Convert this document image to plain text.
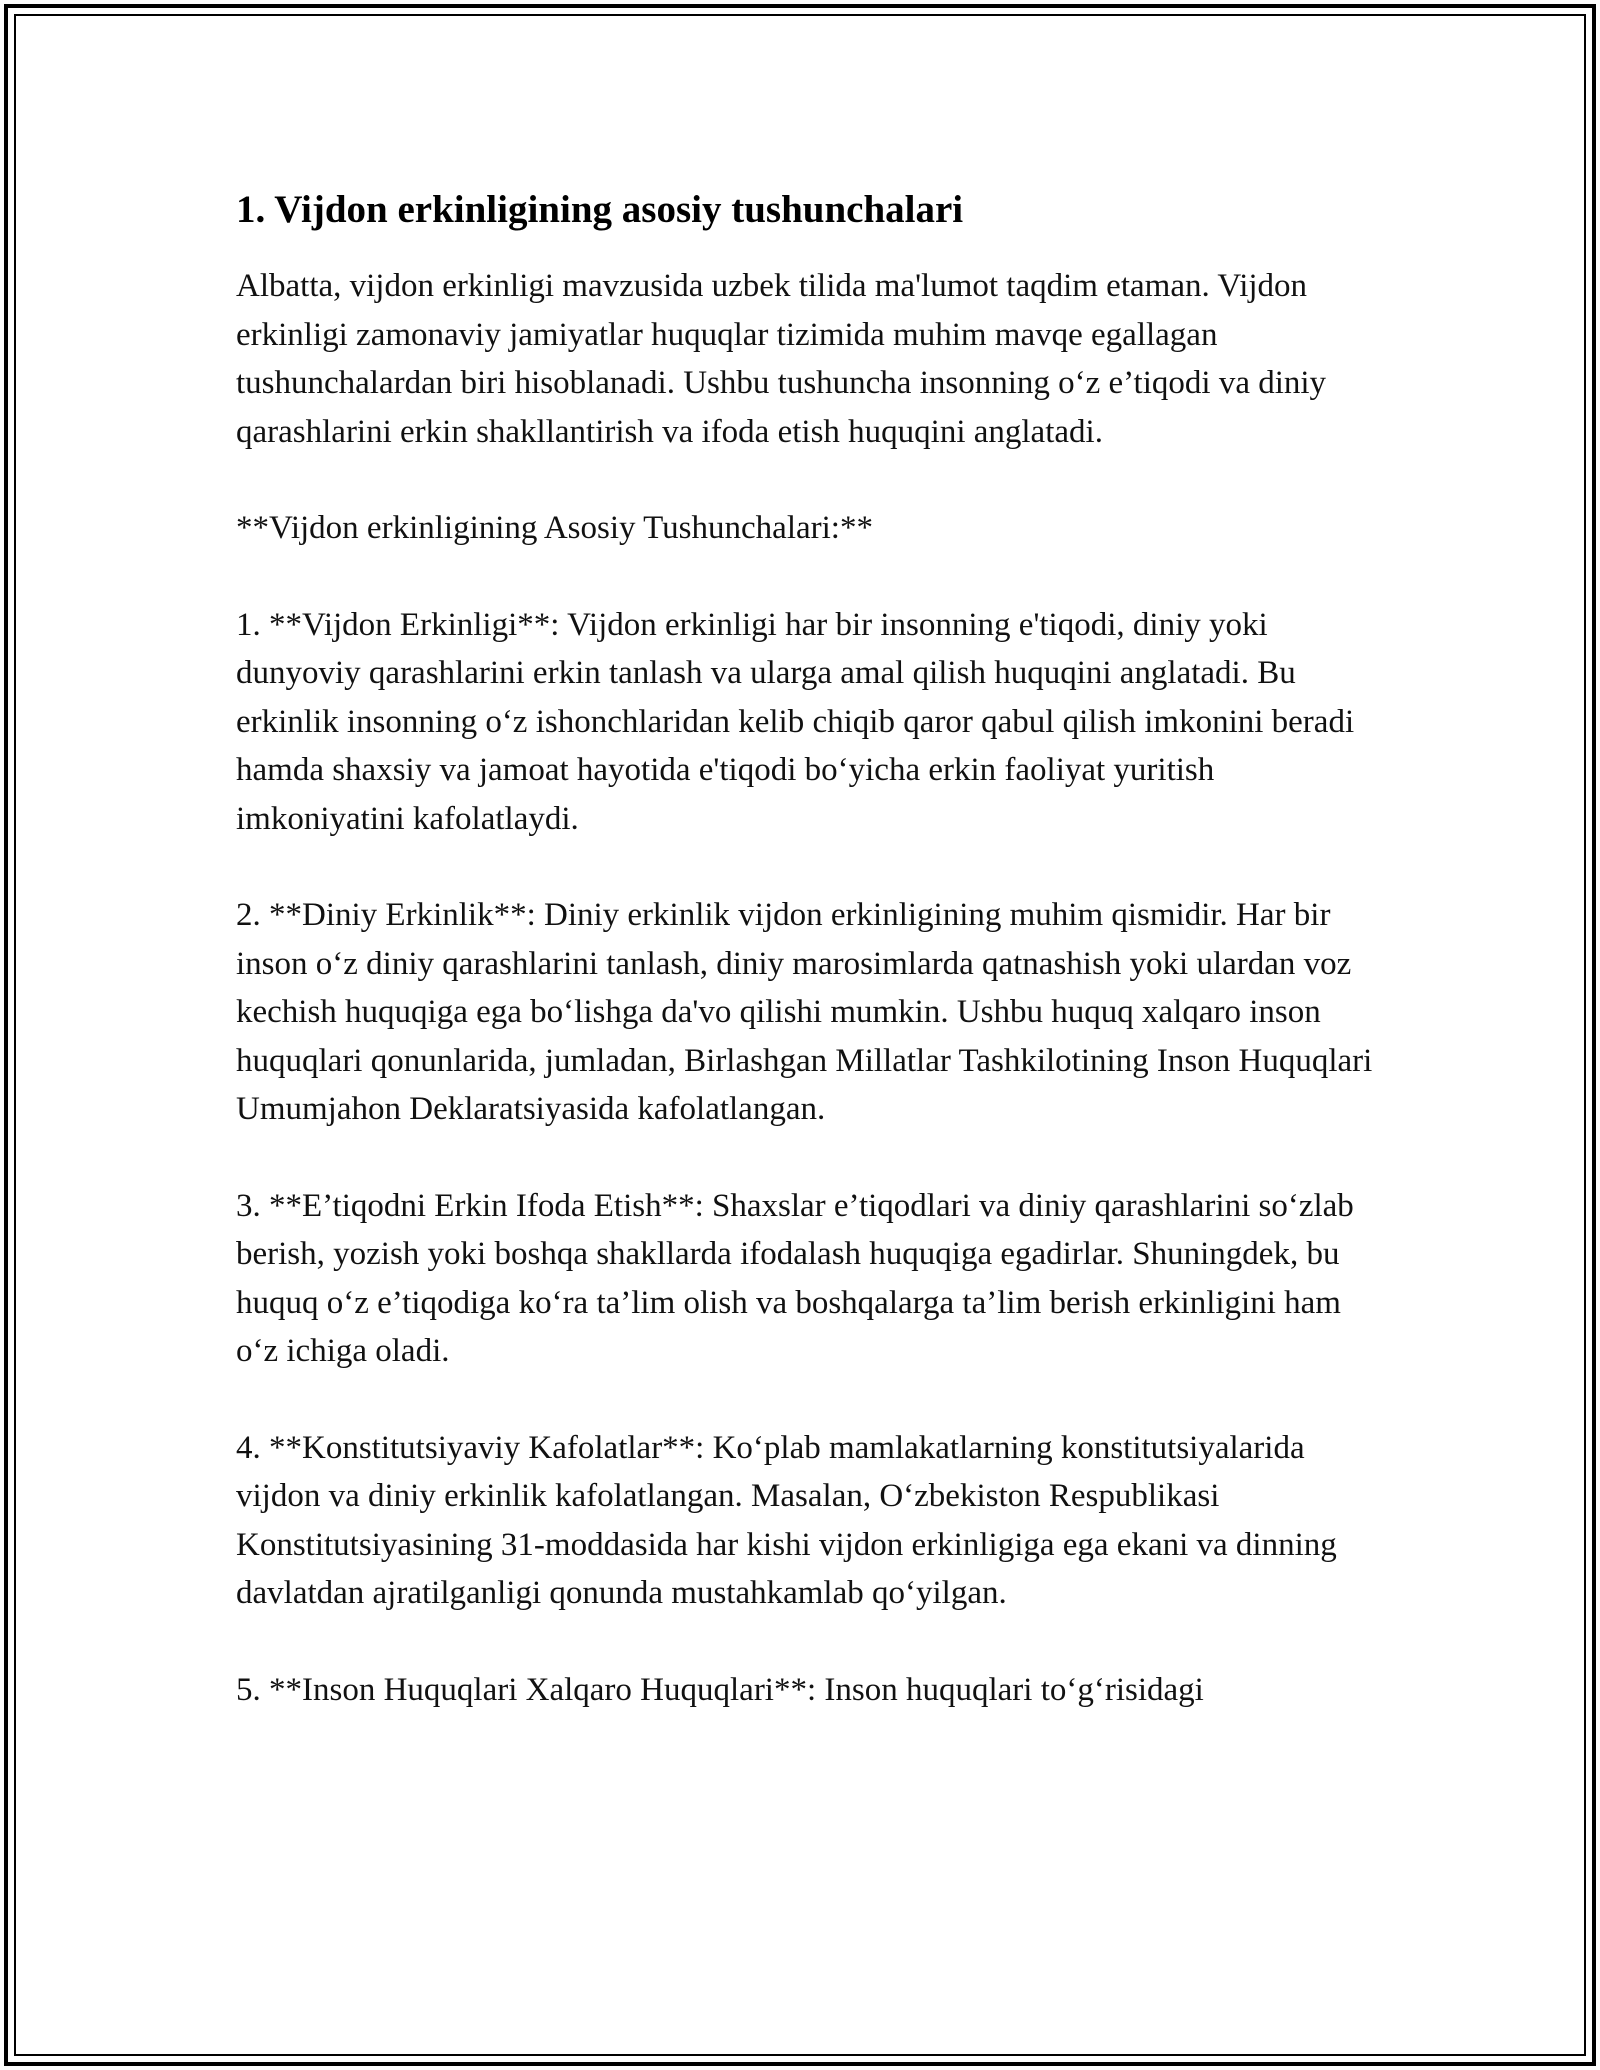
1. Vijdon erkinligining asosiy tushunchalari

Albatta, vijdon erkinligi mavzusida uzbek tilida ma'lumot taqdim etaman. Vijdon erkinligi zamonaviy jamiyatlar huquqlar tizimida muhim mavqe egallagan tushunchalardan biri hisoblanadi. Ushbu tushuncha insonning o‘z e’tiqodi va diniy qarashlarini erkin shakllantirish va ifoda etish huquqini anglatadi.

**Vijdon erkinligining Asosiy Tushunchalari:**

1. **Vijdon Erkinligi**: Vijdon erkinligi har bir insonning e'tiqodi, diniy yoki dunyoviy qarashlarini erkin tanlash va ularga amal qilish huquqini anglatadi. Bu erkinlik insonning o‘z ishonchlaridan kelib chiqib qaror qabul qilish imkonini beradi hamda shaxsiy va jamoat hayotida e'tiqodi bo‘yicha erkin faoliyat yuritish imkoniyatini kafolatlaydi.

2. **Diniy Erkinlik**: Diniy erkinlik vijdon erkinligining muhim qismidir. Har bir inson o‘z diniy qarashlarini tanlash, diniy marosimlarda qatnashish yoki ulardan voz kechish huquqiga ega bo‘lishga da'vo qilishi mumkin. Ushbu huquq xalqaro inson huquqlari qonunlarida, jumladan, Birlashgan Millatlar Tashkilotining Inson Huquqlari Umumjahon Deklaratsiyasida kafolatlangan.

3. **E’tiqodni Erkin Ifoda Etish**: Shaxslar e’tiqodlari va diniy qarashlarini so‘zlab berish, yozish yoki boshqa shakllarda ifodalash huquqiga egadirlar. Shuningdek, bu huquq o‘z e’tiqodiga ko‘ra ta’lim olish va boshqalarga ta’lim berish erkinligini ham o‘z ichiga oladi.

4. **Konstitutsiyaviy Kafolatlar**: Ko‘plab mamlakatlarning konstitutsiyalarida vijdon va diniy erkinlik kafolatlangan. Masalan, O‘zbekiston Respublikasi Konstitutsiyasining 31-moddasida har kishi vijdon erkinligiga ega ekani va dinning davlatdan ajratilganligi qonunda mustahkamlab qo‘yilgan.

5. **Inson Huquqlari Xalqaro Huquqlari**: Inson huquqlari to‘g‘risidagi
